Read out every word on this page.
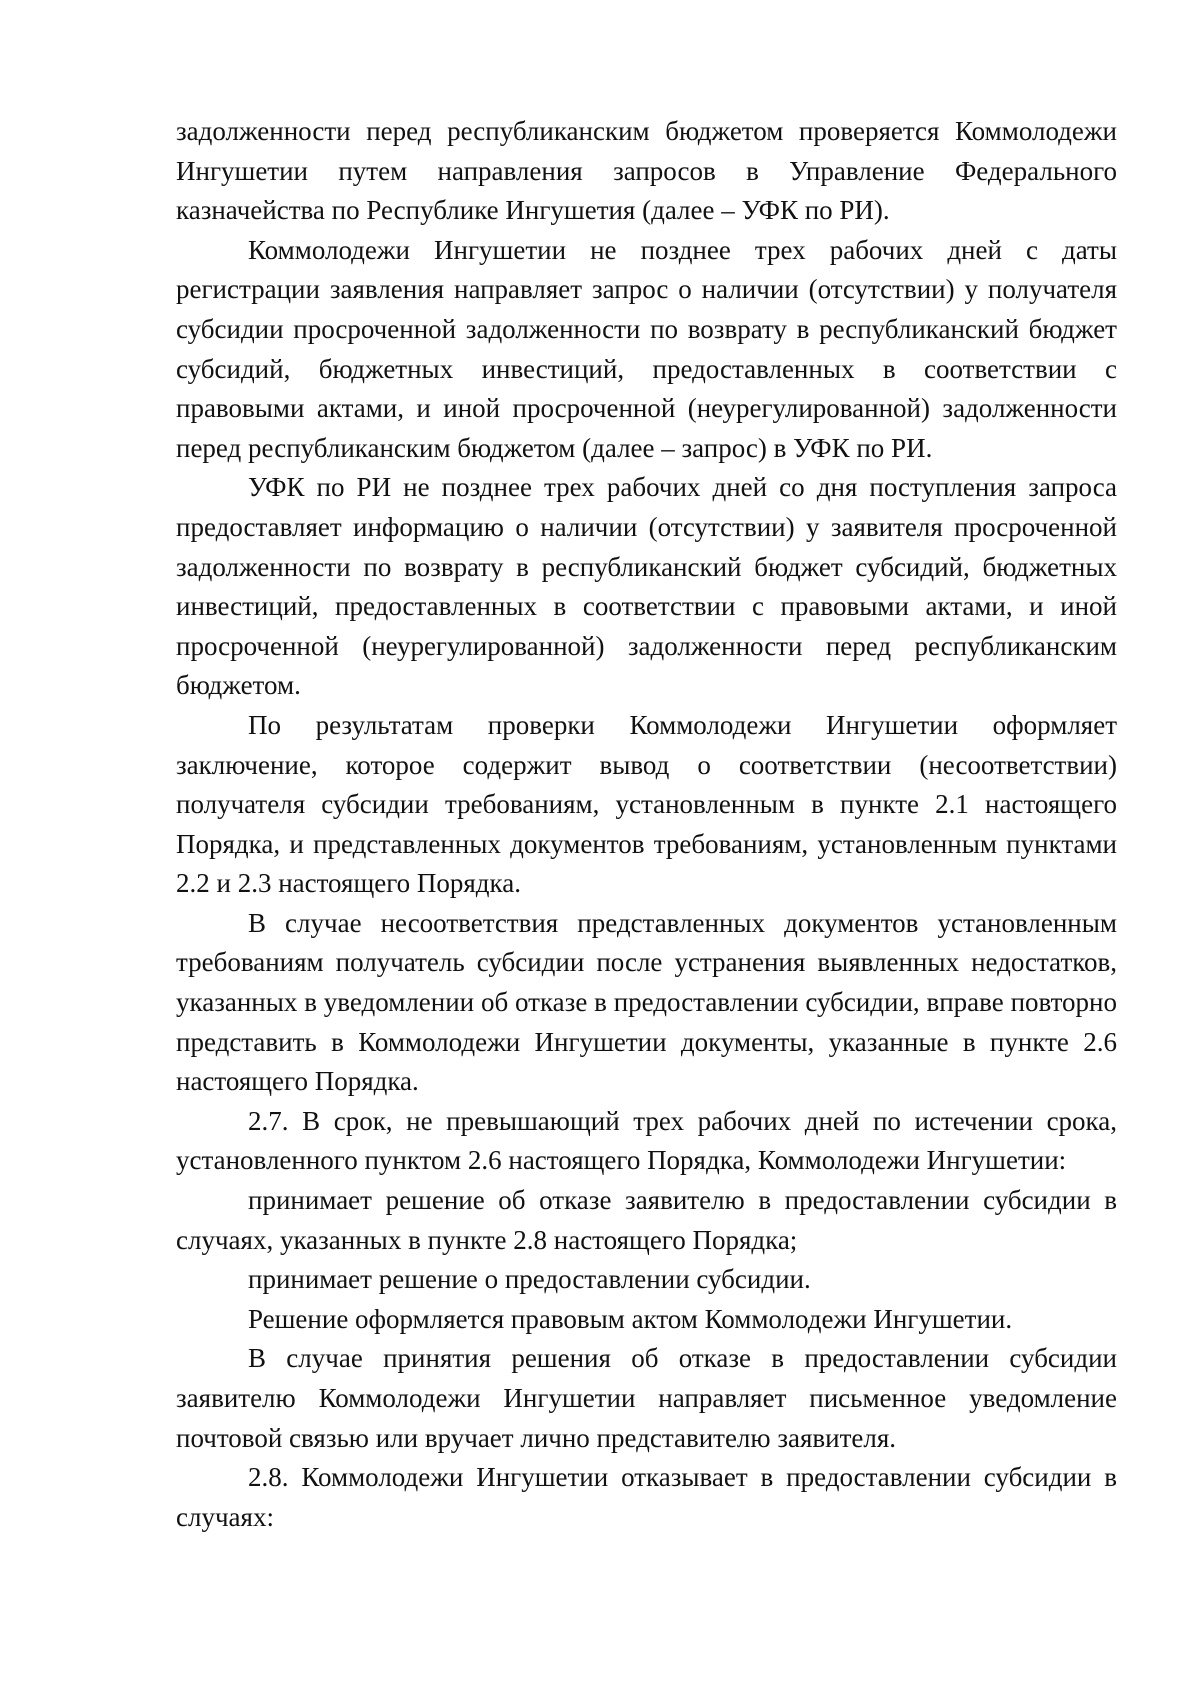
задолженности перед республиканским бюджетом проверяется Коммолодежи Ингушетии путем направления запросов в Управление Федерального казначейства по Республике Ингушетия (далее – УФК по РИ).

Коммолодежи Ингушетии не позднее трех рабочих дней с даты регистрации заявления направляет запрос о наличии (отсутствии) у получателя субсидии просроченной задолженности по возврату в республиканский бюджет субсидий, бюджетных инвестиций, предоставленных в соответствии с правовыми актами, и иной просроченной (неурегулированной) задолженности перед республиканским бюджетом (далее – запрос) в УФК по РИ.

УФК по РИ не позднее трех рабочих дней со дня поступления запроса предоставляет информацию о наличии (отсутствии) у заявителя просроченной задолженности по возврату в республиканский бюджет субсидий, бюджетных инвестиций, предоставленных в соответствии с правовыми актами, и иной просроченной (неурегулированной) задолженности перед республиканским бюджетом.

По результатам проверки Коммолодежи Ингушетии оформляет заключение, которое содержит вывод о соответствии (несоответствии) получателя субсидии требованиям, установленным в пункте 2.1 настоящего Порядка, и представленных документов требованиям, установленным пунктами 2.2 и 2.3 настоящего Порядка.

В случае несоответствия представленных документов установленным требованиям получатель субсидии после устранения выявленных недостатков, указанных в уведомлении об отказе в предоставлении субсидии, вправе повторно представить в Коммолодежи Ингушетии документы, указанные в пункте 2.6 настоящего Порядка.

2.7. В срок, не превышающий трех рабочих дней по истечении срока, установленного пунктом 2.6 настоящего Порядка, Коммолодежи Ингушетии:

принимает решение об отказе заявителю в предоставлении субсидии в случаях, указанных в пункте 2.8 настоящего Порядка;

принимает решение о предоставлении субсидии.

Решение оформляется правовым актом Коммолодежи Ингушетии.

В случае принятия решения об отказе в предоставлении субсидии заявителю Коммолодежи Ингушетии направляет письменное уведомление почтовой связью или вручает лично представителю заявителя.

2.8. Коммолодежи Ингушетии отказывает в предоставлении субсидии в случаях:
